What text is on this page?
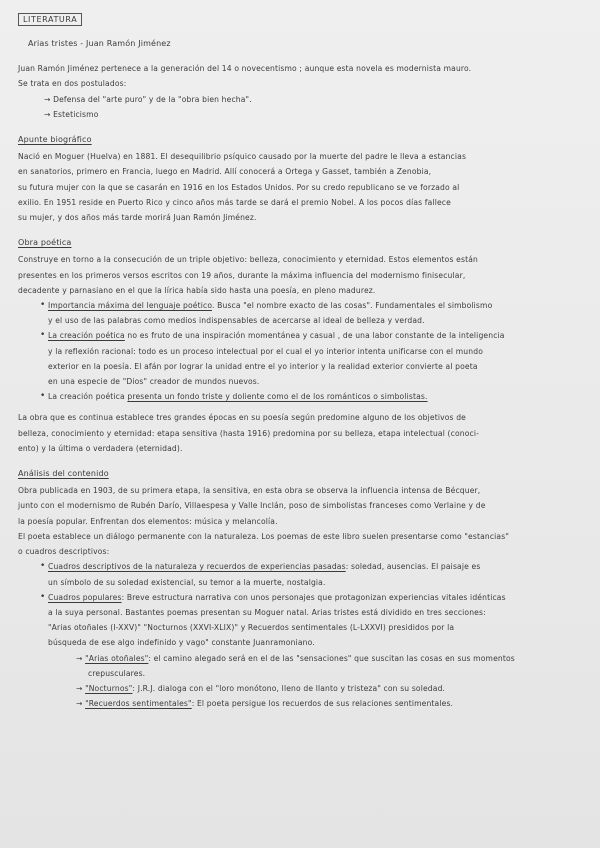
LITERATURA
Arias tristes - Juan Ramón Jiménez
Juan Ramón Jiménez pertenece a la generación del 14 o novecentismo ; aunque esta novela es modernista mauro.
Se trata en dos postulados:
→ Defensa del "arte puro" y de la "obra bien hecha".
→ Esteticismo
Apunte biográfico
Nació en Moguer (Huelva) en 1881. El desequilibrio psíquico causado por la muerte del padre le lleva a estancias
en sanatorios, primero en Francia, luego en Madrid. Allí conocerá a Ortega y Gasset, también a Zenobia,
su futura mujer con la que se casarán en 1916 en los Estados Unidos. Por su credo republicano se ve forzado al
exilio. En 1951 reside en Puerto Rico y cinco años más tarde se dará el premio Nobel. A los pocos días fallece
su mujer, y dos años más tarde morirá Juan Ramón Jiménez.
Obra poética
Construye en torno a la consecución de un triple objetivo: belleza, conocimiento y eternidad. Estos elementos están
presentes en los primeros versos escritos con 19 años, durante la máxima influencia del modernismo finisecular,
decadente y parnasiano en el que la lírica había sido hasta una poesía, en pleno madurez.
• Importancia máxima del lenguaje poético. Busca "el nombre exacto de las cosas". Fundamentales el simbolismo
y el uso de las palabras como medios indispensables de acercarse al ideal de belleza y verdad.
• La creación poética no es fruto de una inspiración momentánea y casual , de una labor constante de la inteligencia
y la reflexión racional: todo es un proceso intelectual por el cual el yo interior intenta unificarse con el mundo
exterior en la poesía. El afán por lograr la unidad entre el yo interior y la realidad exterior convierte al poeta
en una especie de "Dios" creador de mundos nuevos.
• La creación poética presenta un fondo triste y doliente como el de los románticos o simbolistas.
La obra que es continua establece tres grandes épocas en su poesía según predomine alguno de los objetivos de
belleza, conocimiento y eternidad: etapa sensitiva (hasta 1916) predomina por su belleza, etapa intelectual (conoci-
ento) y la última o verdadera (eternidad).
Análisis del contenido
Obra publicada en 1903, de su primera etapa, la sensitiva, en esta obra se observa la influencia intensa de Bécquer,
junto con el modernismo de Rubén Darío, Villaespesa y Valle Inclán, poso de simbolistas franceses como Verlaine y de
la poesía popular. Enfrentan dos elementos: música y melancolía.
El poeta establece un diálogo permanente con la naturaleza. Los poemas de este libro suelen presentarse como "estancias"
o cuadros descriptivos:
• Cuadros descriptivos de la naturaleza y recuerdos de experiencias pasadas: soledad, ausencias. El paisaje es
un símbolo de su soledad existencial, su temor a la muerte, nostalgia.
• Cuadros populares: Breve estructura narrativa con unos personajes que protagonizan experiencias vitales idénticas
a la suya personal. Bastantes poemas presentan su Moguer natal. Arias tristes está dividido en tres secciones:
"Arias otoñales (I-XXV)" "Nocturnos (XXVI-XLIX)" y Recuerdos sentimentales (L-LXXVI) presididos por la
búsqueda de ese algo indefinido y vago" constante Juanramoniano.
→ "Arias otoñales": el camino alegado será en el de las "sensaciones" que suscitan las cosas en sus momentos
crepusculares.
→ "Nocturnos": J.R.J. dialoga con el "loro monótono, lleno de llanto y tristeza" con su soledad.
→ "Recuerdos sentimentales": El poeta persigue los recuerdos de sus relaciones sentimentales.
